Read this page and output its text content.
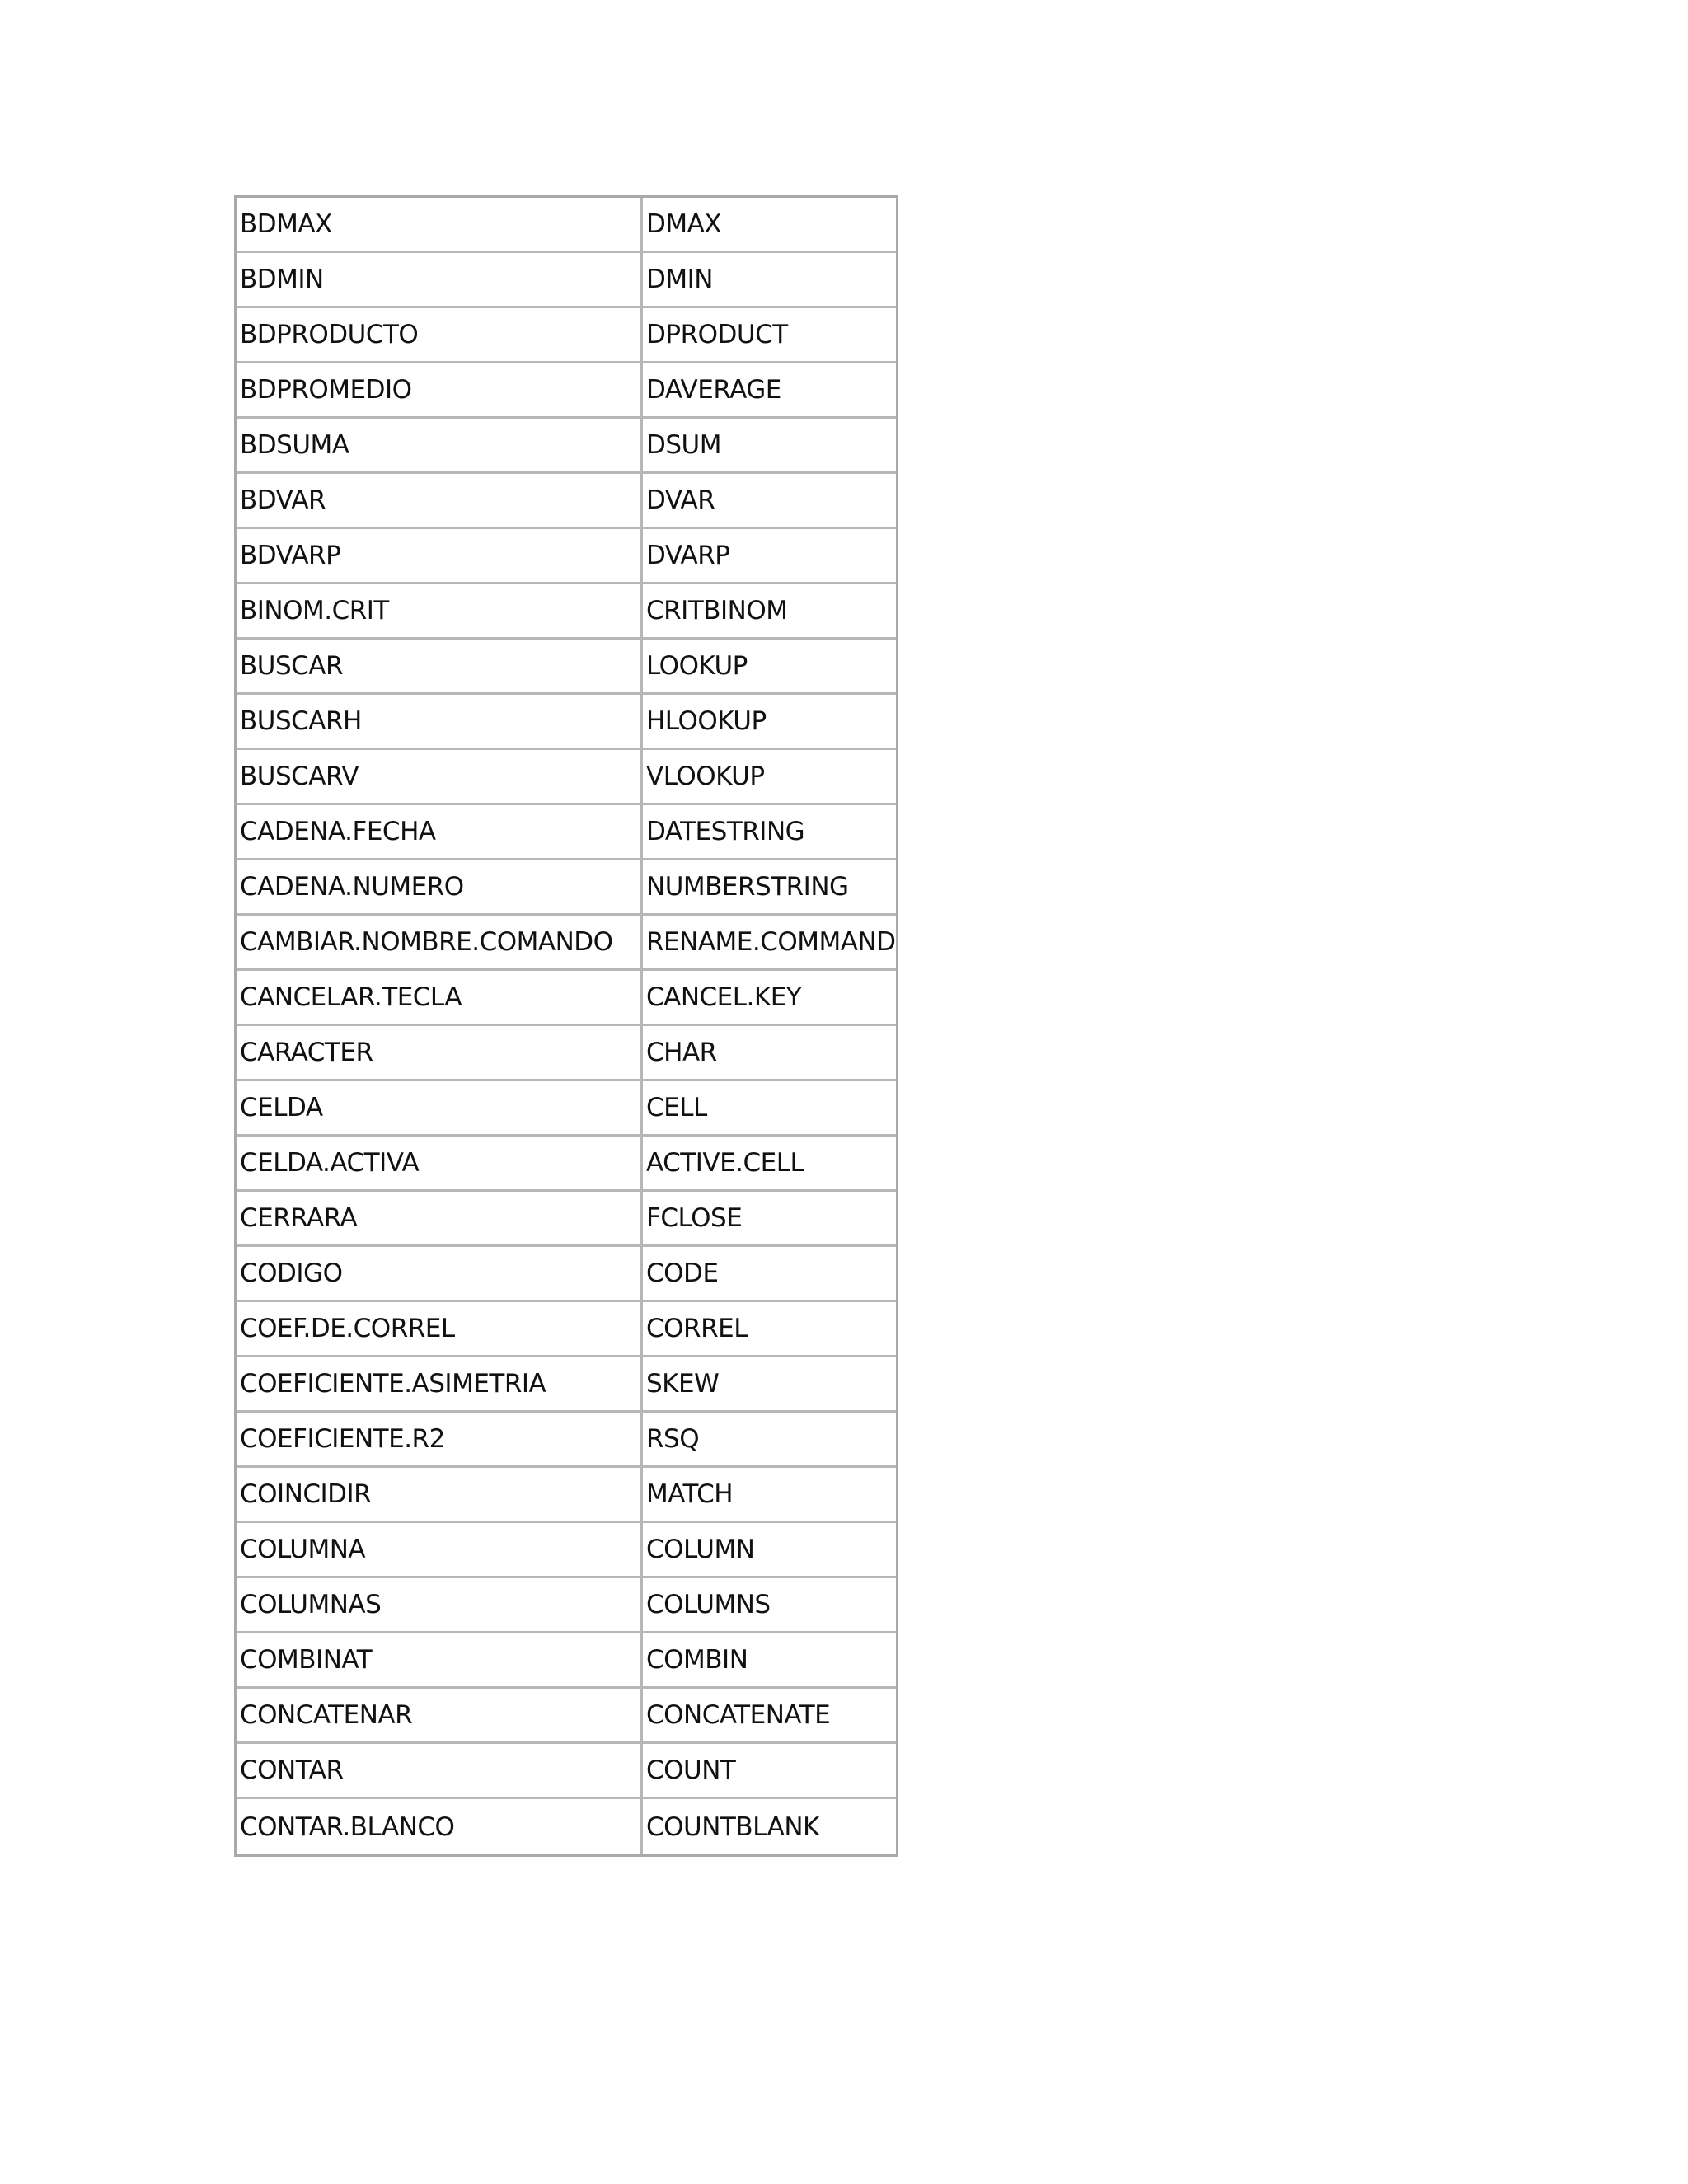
BDMAX	DMAX
BDMIN	DMIN
BDPRODUCTO	DPRODUCT
BDPROMEDIO	DAVERAGE
BDSUMA	DSUM
BDVAR	DVAR
BDVARP	DVARP
BINOM.CRIT	CRITBINOM
BUSCAR	LOOKUP
BUSCARH	HLOOKUP
BUSCARV	VLOOKUP
CADENA.FECHA	DATESTRING
CADENA.NUMERO	NUMBERSTRING
CAMBIAR.NOMBRE.COMANDO	RENAME.COMMAND
CANCELAR.TECLA	CANCEL.KEY
CARACTER	CHAR
CELDA	CELL
CELDA.ACTIVA	ACTIVE.CELL
CERRARA	FCLOSE
CODIGO	CODE
COEF.DE.CORREL	CORREL
COEFICIENTE.ASIMETRIA	SKEW
COEFICIENTE.R2	RSQ
COINCIDIR	MATCH
COLUMNA	COLUMN
COLUMNAS	COLUMNS
COMBINAT	COMBIN
CONCATENAR	CONCATENATE
CONTAR	COUNT
CONTAR.BLANCO	COUNTBLANK
